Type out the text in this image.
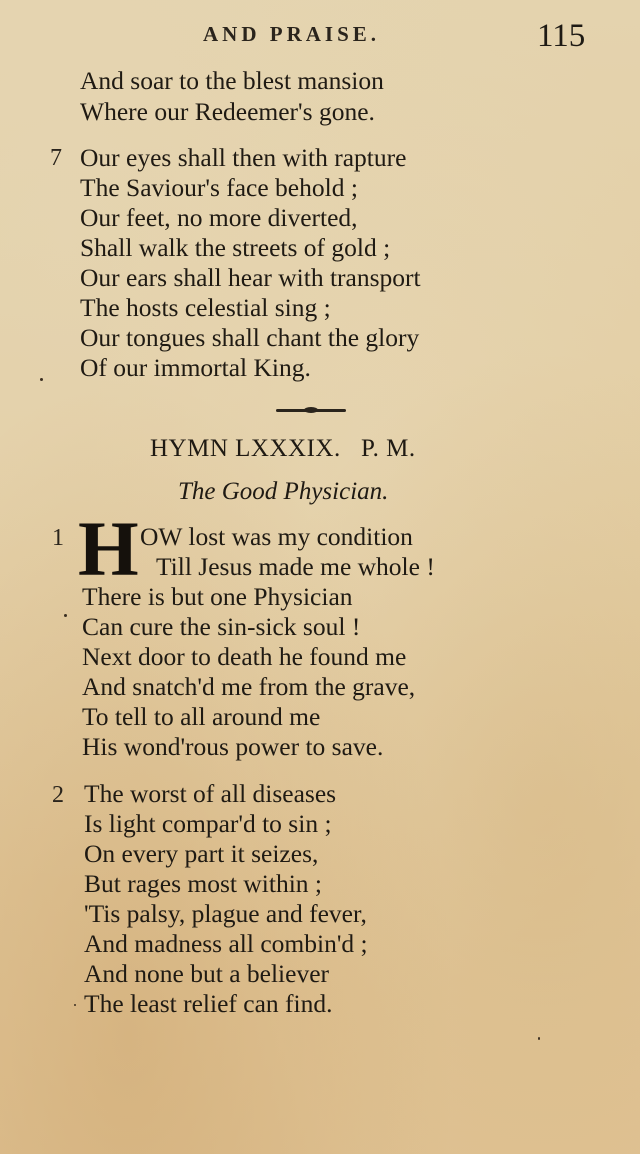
AND PRAISE.	115
And soar to the blest mansion
Where our Redeemer's gone.
7 Our eyes shall then with rapture
The Saviour's face behold ;
Our feet, no more diverted,
Shall walk the streets of gold ;
Our ears shall hear with transport
The hosts celestial sing ;
Our tongues shall chant the glory
Of our immortal King.
HYMN LXXXIX.   P. M.
The Good Physician.
1 H OW lost was my condition
Till Jesus made me whole !
There is but one Physician
Can cure the sin-sick soul !
Next door to death he found me
And snatch'd me from the grave,
To tell to all around me
His wond'rous power to save.
2 The worst of all diseases
Is light compar'd to sin ;
On every part it seizes,
But rages most within ;
'Tis palsy, plague and fever,
And madness all combin'd ;
And none but a believer
The least relief can find.
